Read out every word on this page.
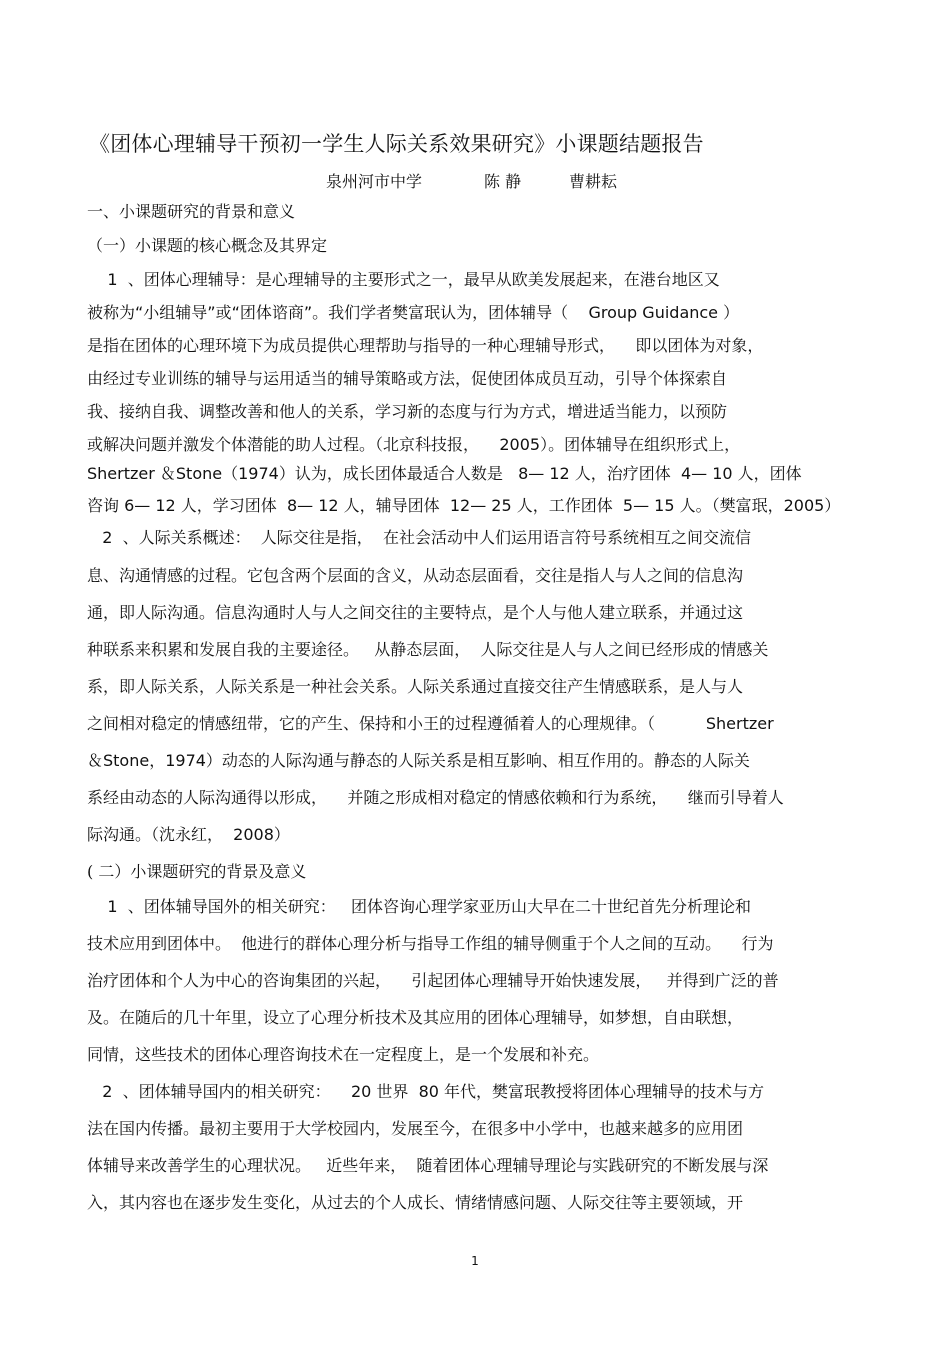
《团体心理辅导干预初一学生人际关系效果研究》小课题结题报告
泉州河市中学	陈 静	曹耕耘
一、小课题研究的背景和意义
（一）小课题的核心概念及其界定
1  、团体心理辅导：是心理辅导的主要形式之一，最早从欧美发展起来，在港台地区又
被称为“小组辅导”或“团体谘商”。我们学者樊富珉认为，团体辅导（    Group Guidance ）
是指在团体的心理环境下为成员提供心理帮助与指导的一种心理辅导形式，    即以团体为对象，
由经过专业训练的辅导与运用适当的辅导策略或方法，促使团体成员互动，引导个体探索自
我、接纳自我、调整改善和他人的关系，学习新的态度与行为方式，增进适当能力，以预防
或解决问题并激发个体潜能的助人过程。（北京科技报，    2005）。团体辅导在组织形式上，
Shertzer ＆Stone（1974）认为，成长团体最适合人数是   8— 12 人，治疗团体  4— 10 人，团体
咨询 6— 12 人，学习团体  8— 12 人，辅导团体  12— 25 人，工作团体  5— 15 人。（樊富珉，2005）
2  、人际关系概述：  人际交往是指，  在社会活动中人们运用语言符号系统相互之间交流信
息、沟通情感的过程。它包含两个层面的含义，从动态层面看，交往是指人与人之间的信息沟
通，即人际沟通。信息沟通时人与人之间交往的主要特点，是个人与他人建立联系，并通过这
种联系来积累和发展自我的主要途径。   从静态层面，  人际交往是人与人之间已经形成的情感关
系，即人际关系，人际关系是一种社会关系。人际关系通过直接交往产生情感联系，是人与人
之间相对稳定的情感纽带，它的产生、保持和小王的过程遵循着人的心理规律。（          Shertzer
＆Stone，1974）动态的人际沟通与静态的人际关系是相互影响、相互作用的。静态的人际关
系经由动态的人际沟通得以形成，    并随之形成相对稳定的情感依赖和行为系统，    继而引导着人
际沟通。（沈永红，  2008）
( 二）小课题研究的背景及意义
1  、团体辅导国外的相关研究：   团体咨询心理学家亚历山大早在二十世纪首先分析理论和
技术应用到团体中。  他进行的群体心理分析与指导工作组的辅导侧重于个人之间的互动。    行为
治疗团体和个人为中心的咨询集团的兴起，    引起团体心理辅导开始快速发展，   并得到广泛的普
及。在随后的几十年里，设立了心理分析技术及其应用的团体心理辅导，如梦想，自由联想，
同情，这些技术的团体心理咨询技术在一定程度上，是一个发展和补充。
2  、团体辅导国内的相关研究：    20 世界  80 年代，樊富珉教授将团体心理辅导的技术与方
法在国内传播。最初主要用于大学校园内，发展至今，在很多中小学中，也越来越多的应用团
体辅导来改善学生的心理状况。   近些年来，  随着团体心理辅导理论与实践研究的不断发展与深
入，其内容也在逐步发生变化，从过去的个人成长、情绪情感问题、人际交往等主要领域，开
1
